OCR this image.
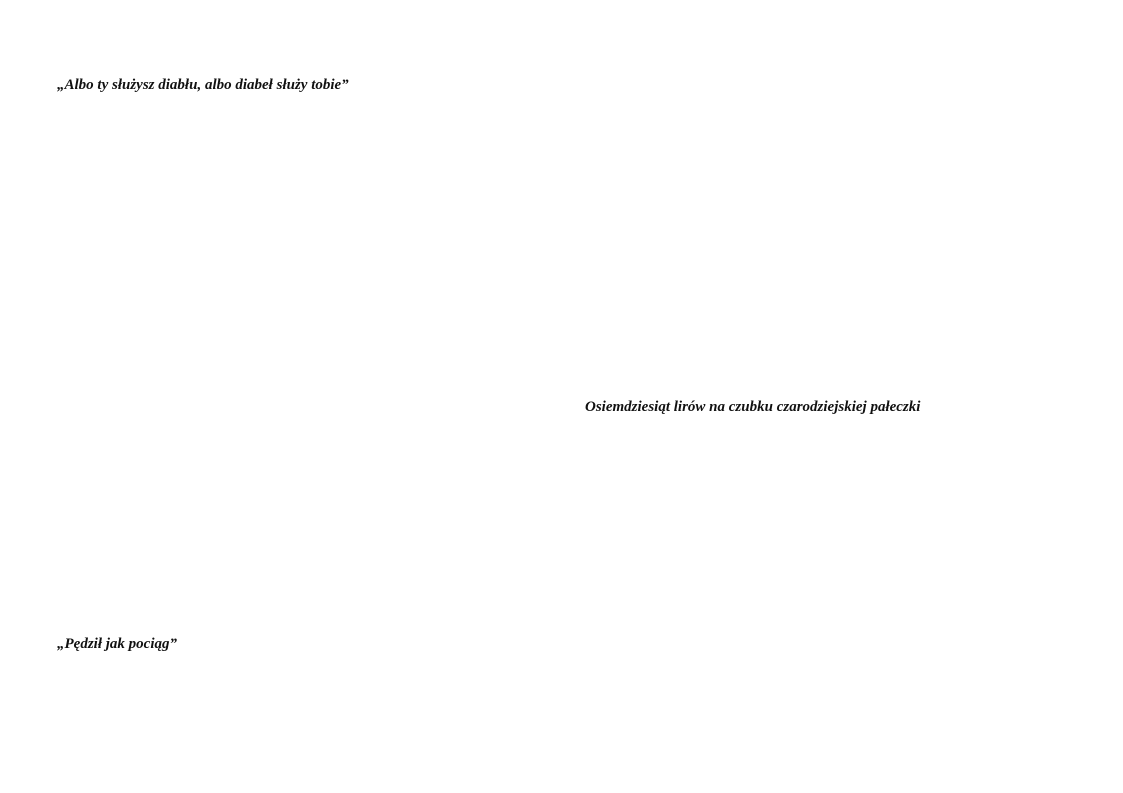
„Albo ty służysz diabłu, albo diabeł służy tobie”

Osiemdziesiąt lirów na czubku czarodziejskiej pałeczki

„Pędził jak pociąg”
